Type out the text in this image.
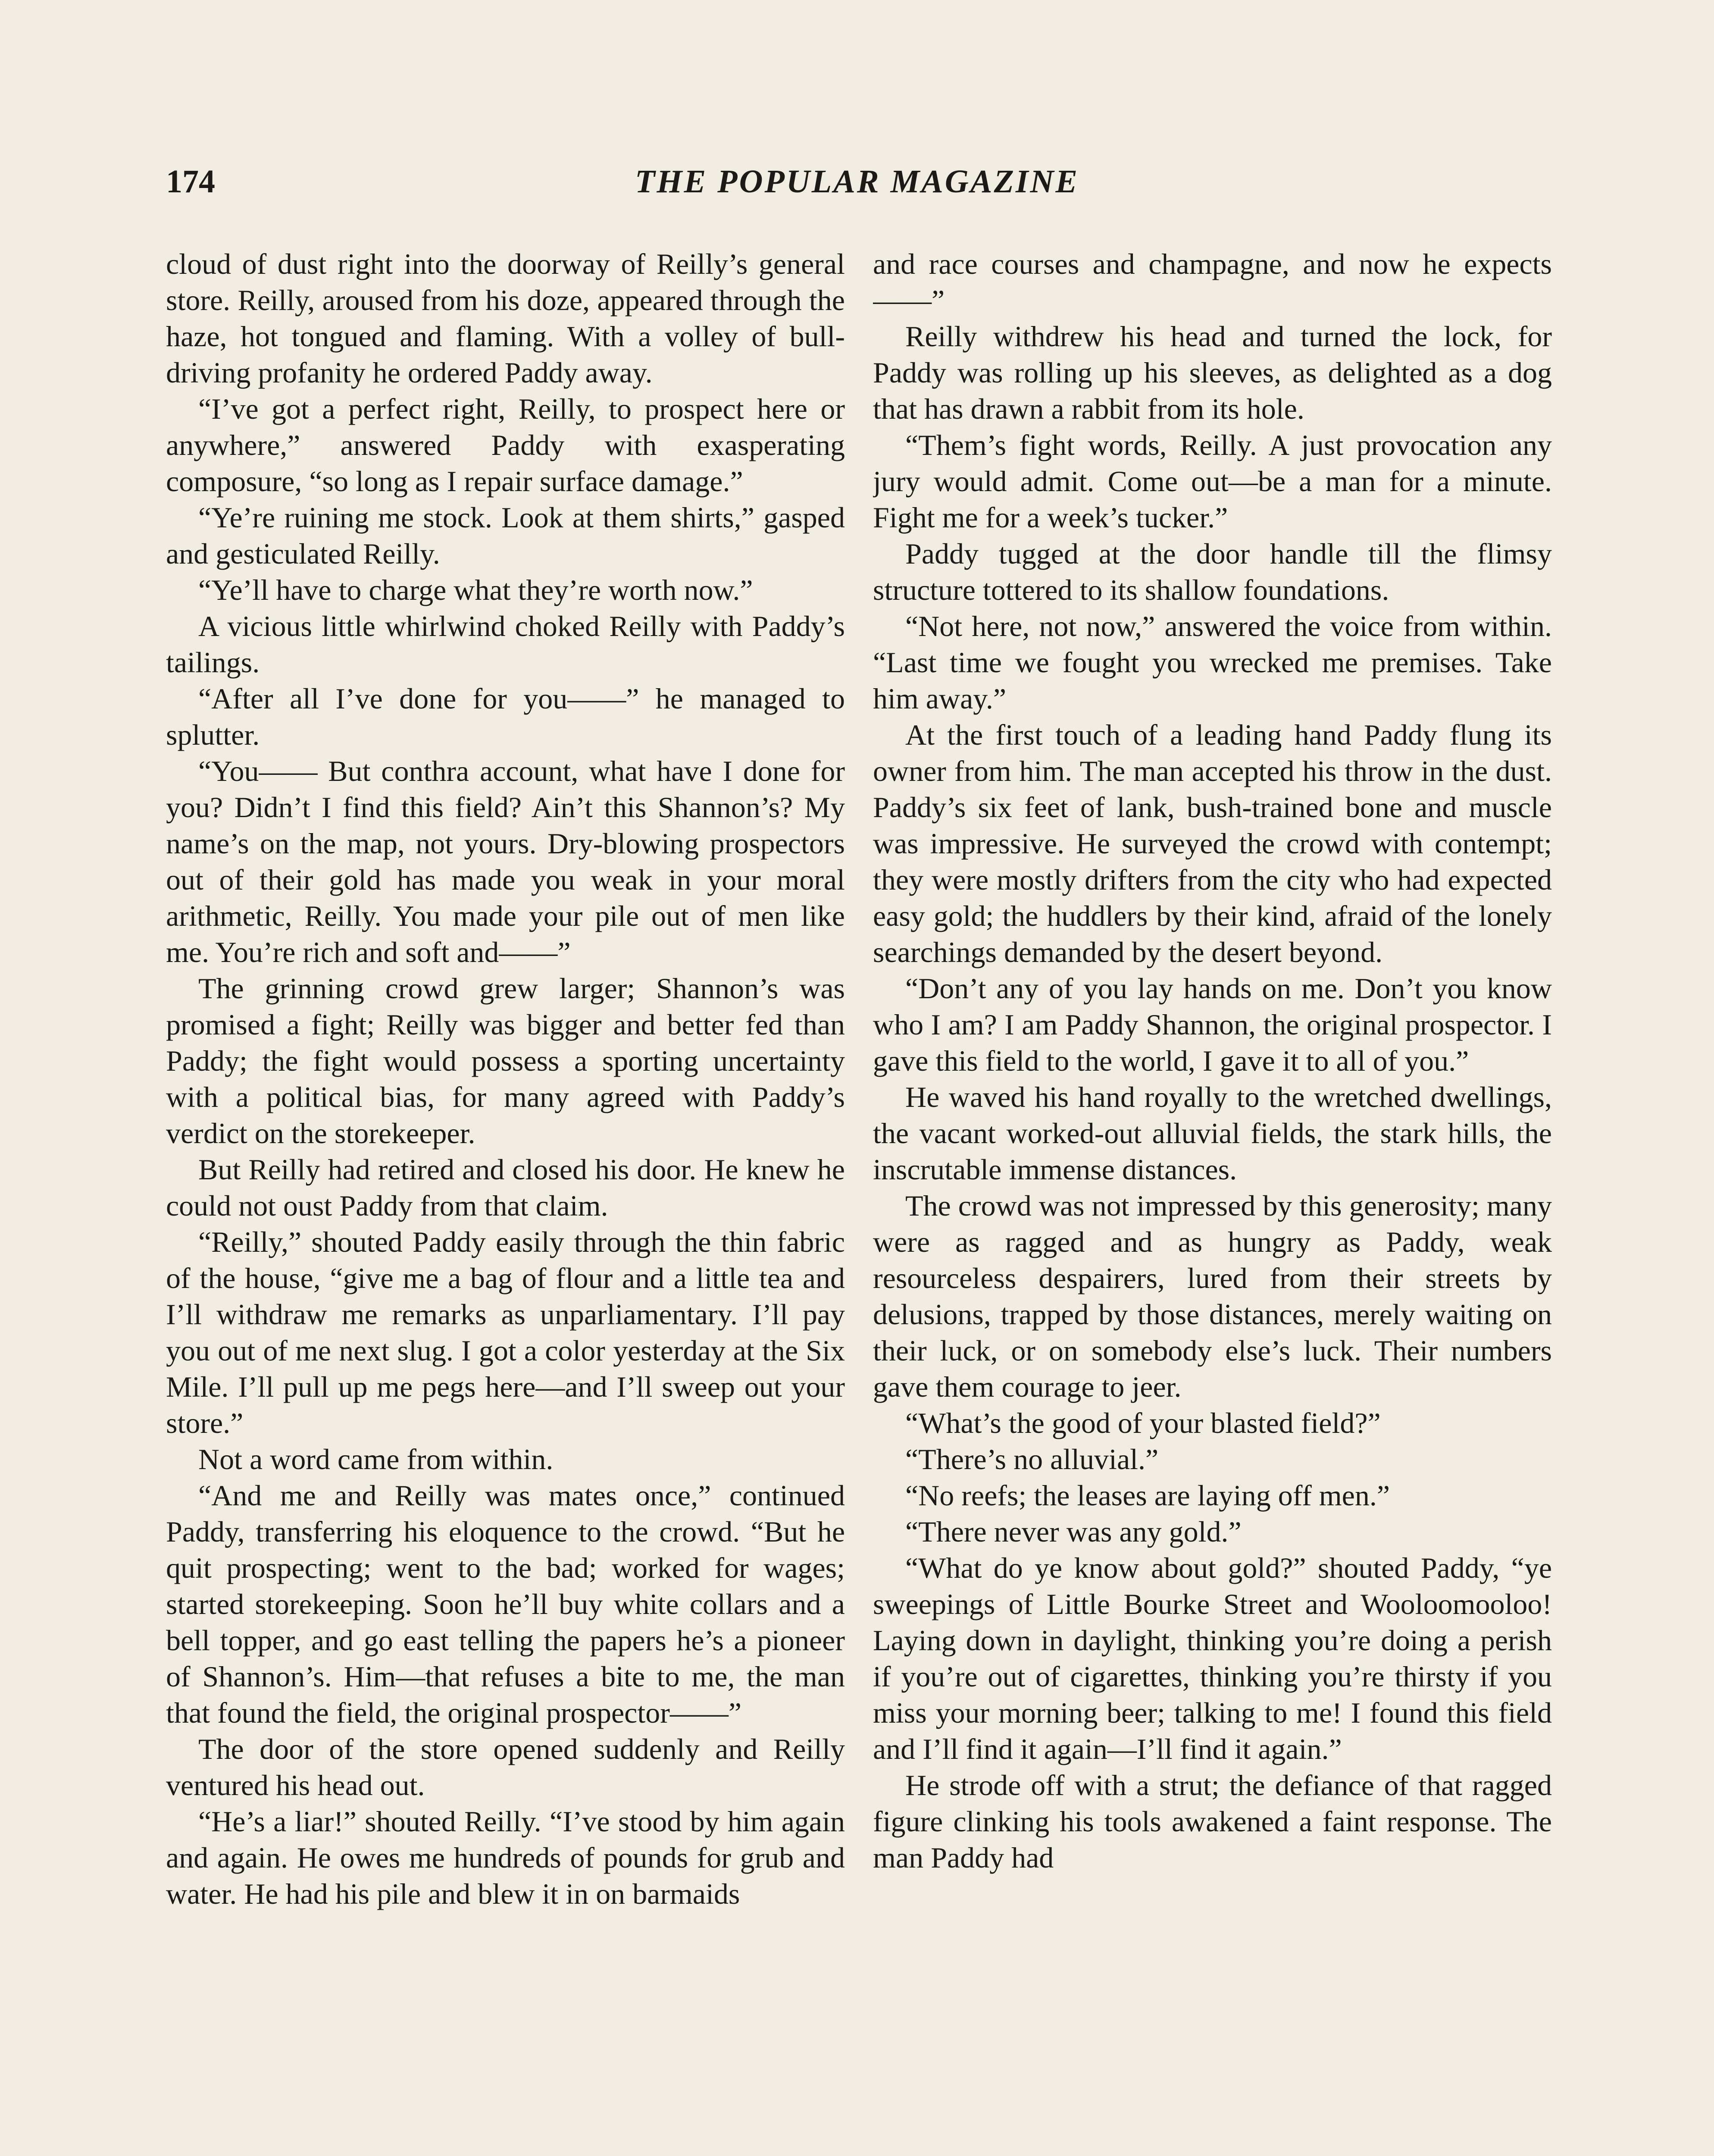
174	THE POPULAR MAGAZINE

cloud of dust right into the doorway of Reilly’s general store. Reilly, aroused from his doze, appeared through the haze, hot tongued and flaming. With a volley of bull-driving profanity he ordered Paddy away.

“I’ve got a perfect right, Reilly, to prospect here or anywhere,” answered Paddy with exasperating composure, “so long as I repair surface damage.”

“Ye’re ruining me stock. Look at them shirts,” gasped and gesticulated Reilly.

“Ye’ll have to charge what they’re worth now.”

A vicious little whirlwind choked Reilly with Paddy’s tailings.

“After all I’ve done for you——” he managed to splutter.

“You—— But conthra account, what have I done for you? Didn’t I find this field? Ain’t this Shannon’s? My name’s on the map, not yours. Dry-blowing prospectors out of their gold has made you weak in your moral arithmetic, Reilly. You made your pile out of men like me. You’re rich and soft and——”

The grinning crowd grew larger; Shannon’s was promised a fight; Reilly was bigger and better fed than Paddy; the fight would possess a sporting uncertainty with a political bias, for many agreed with Paddy’s verdict on the storekeeper.

But Reilly had retired and closed his door. He knew he could not oust Paddy from that claim.

“Reilly,” shouted Paddy easily through the thin fabric of the house, “give me a bag of flour and a little tea and I’ll withdraw me remarks as unparliamentary. I’ll pay you out of me next slug. I got a color yesterday at the Six Mile. I’ll pull up me pegs here—and I’ll sweep out your store.”

Not a word came from within.

“And me and Reilly was mates once,” continued Paddy, transferring his eloquence to the crowd. “But he quit prospecting; went to the bad; worked for wages; started storekeeping. Soon he’ll buy white collars and a bell topper, and go east telling the papers he’s a pioneer of Shannon’s. Him—that refuses a bite to me, the man that found the field, the original prospector——”

The door of the store opened suddenly and Reilly ventured his head out.

“He’s a liar!” shouted Reilly. “I’ve stood by him again and again. He owes me hundreds of pounds for grub and water. He had his pile and blew it in on barmaids

and race courses and champagne, and now he expects——”

Reilly withdrew his head and turned the lock, for Paddy was rolling up his sleeves, as delighted as a dog that has drawn a rabbit from its hole.

“Them’s fight words, Reilly. A just provocation any jury would admit. Come out—be a man for a minute. Fight me for a week’s tucker.”

Paddy tugged at the door handle till the flimsy structure tottered to its shallow foundations.

“Not here, not now,” answered the voice from within. “Last time we fought you wrecked me premises. Take him away.”

At the first touch of a leading hand Paddy flung its owner from him. The man accepted his throw in the dust. Paddy’s six feet of lank, bush-trained bone and muscle was impressive. He surveyed the crowd with contempt; they were mostly drifters from the city who had expected easy gold; the huddlers by their kind, afraid of the lonely searchings demanded by the desert beyond.

“Don’t any of you lay hands on me. Don’t you know who I am? I am Paddy Shannon, the original prospector. I gave this field to the world, I gave it to all of you.”

He waved his hand royally to the wretched dwellings, the vacant worked-out alluvial fields, the stark hills, the inscrutable immense distances.

The crowd was not impressed by this generosity; many were as ragged and as hungry as Paddy, weak resourceless despairers, lured from their streets by delusions, trapped by those distances, merely waiting on their luck, or on somebody else’s luck. Their numbers gave them courage to jeer.

“What’s the good of your blasted field?”

“There’s no alluvial.”

“No reefs; the leases are laying off men.”

“There never was any gold.”

“What do ye know about gold?” shouted Paddy, “ye sweepings of Little Bourke Street and Wooloomooloo! Laying down in daylight, thinking you’re doing a perish if you’re out of cigarettes, thinking you’re thirsty if you miss your morning beer; talking to me! I found this field and I’ll find it again—I’ll find it again.”

He strode off with a strut; the defiance of that ragged figure clinking his tools awakened a faint response. The man Paddy had
